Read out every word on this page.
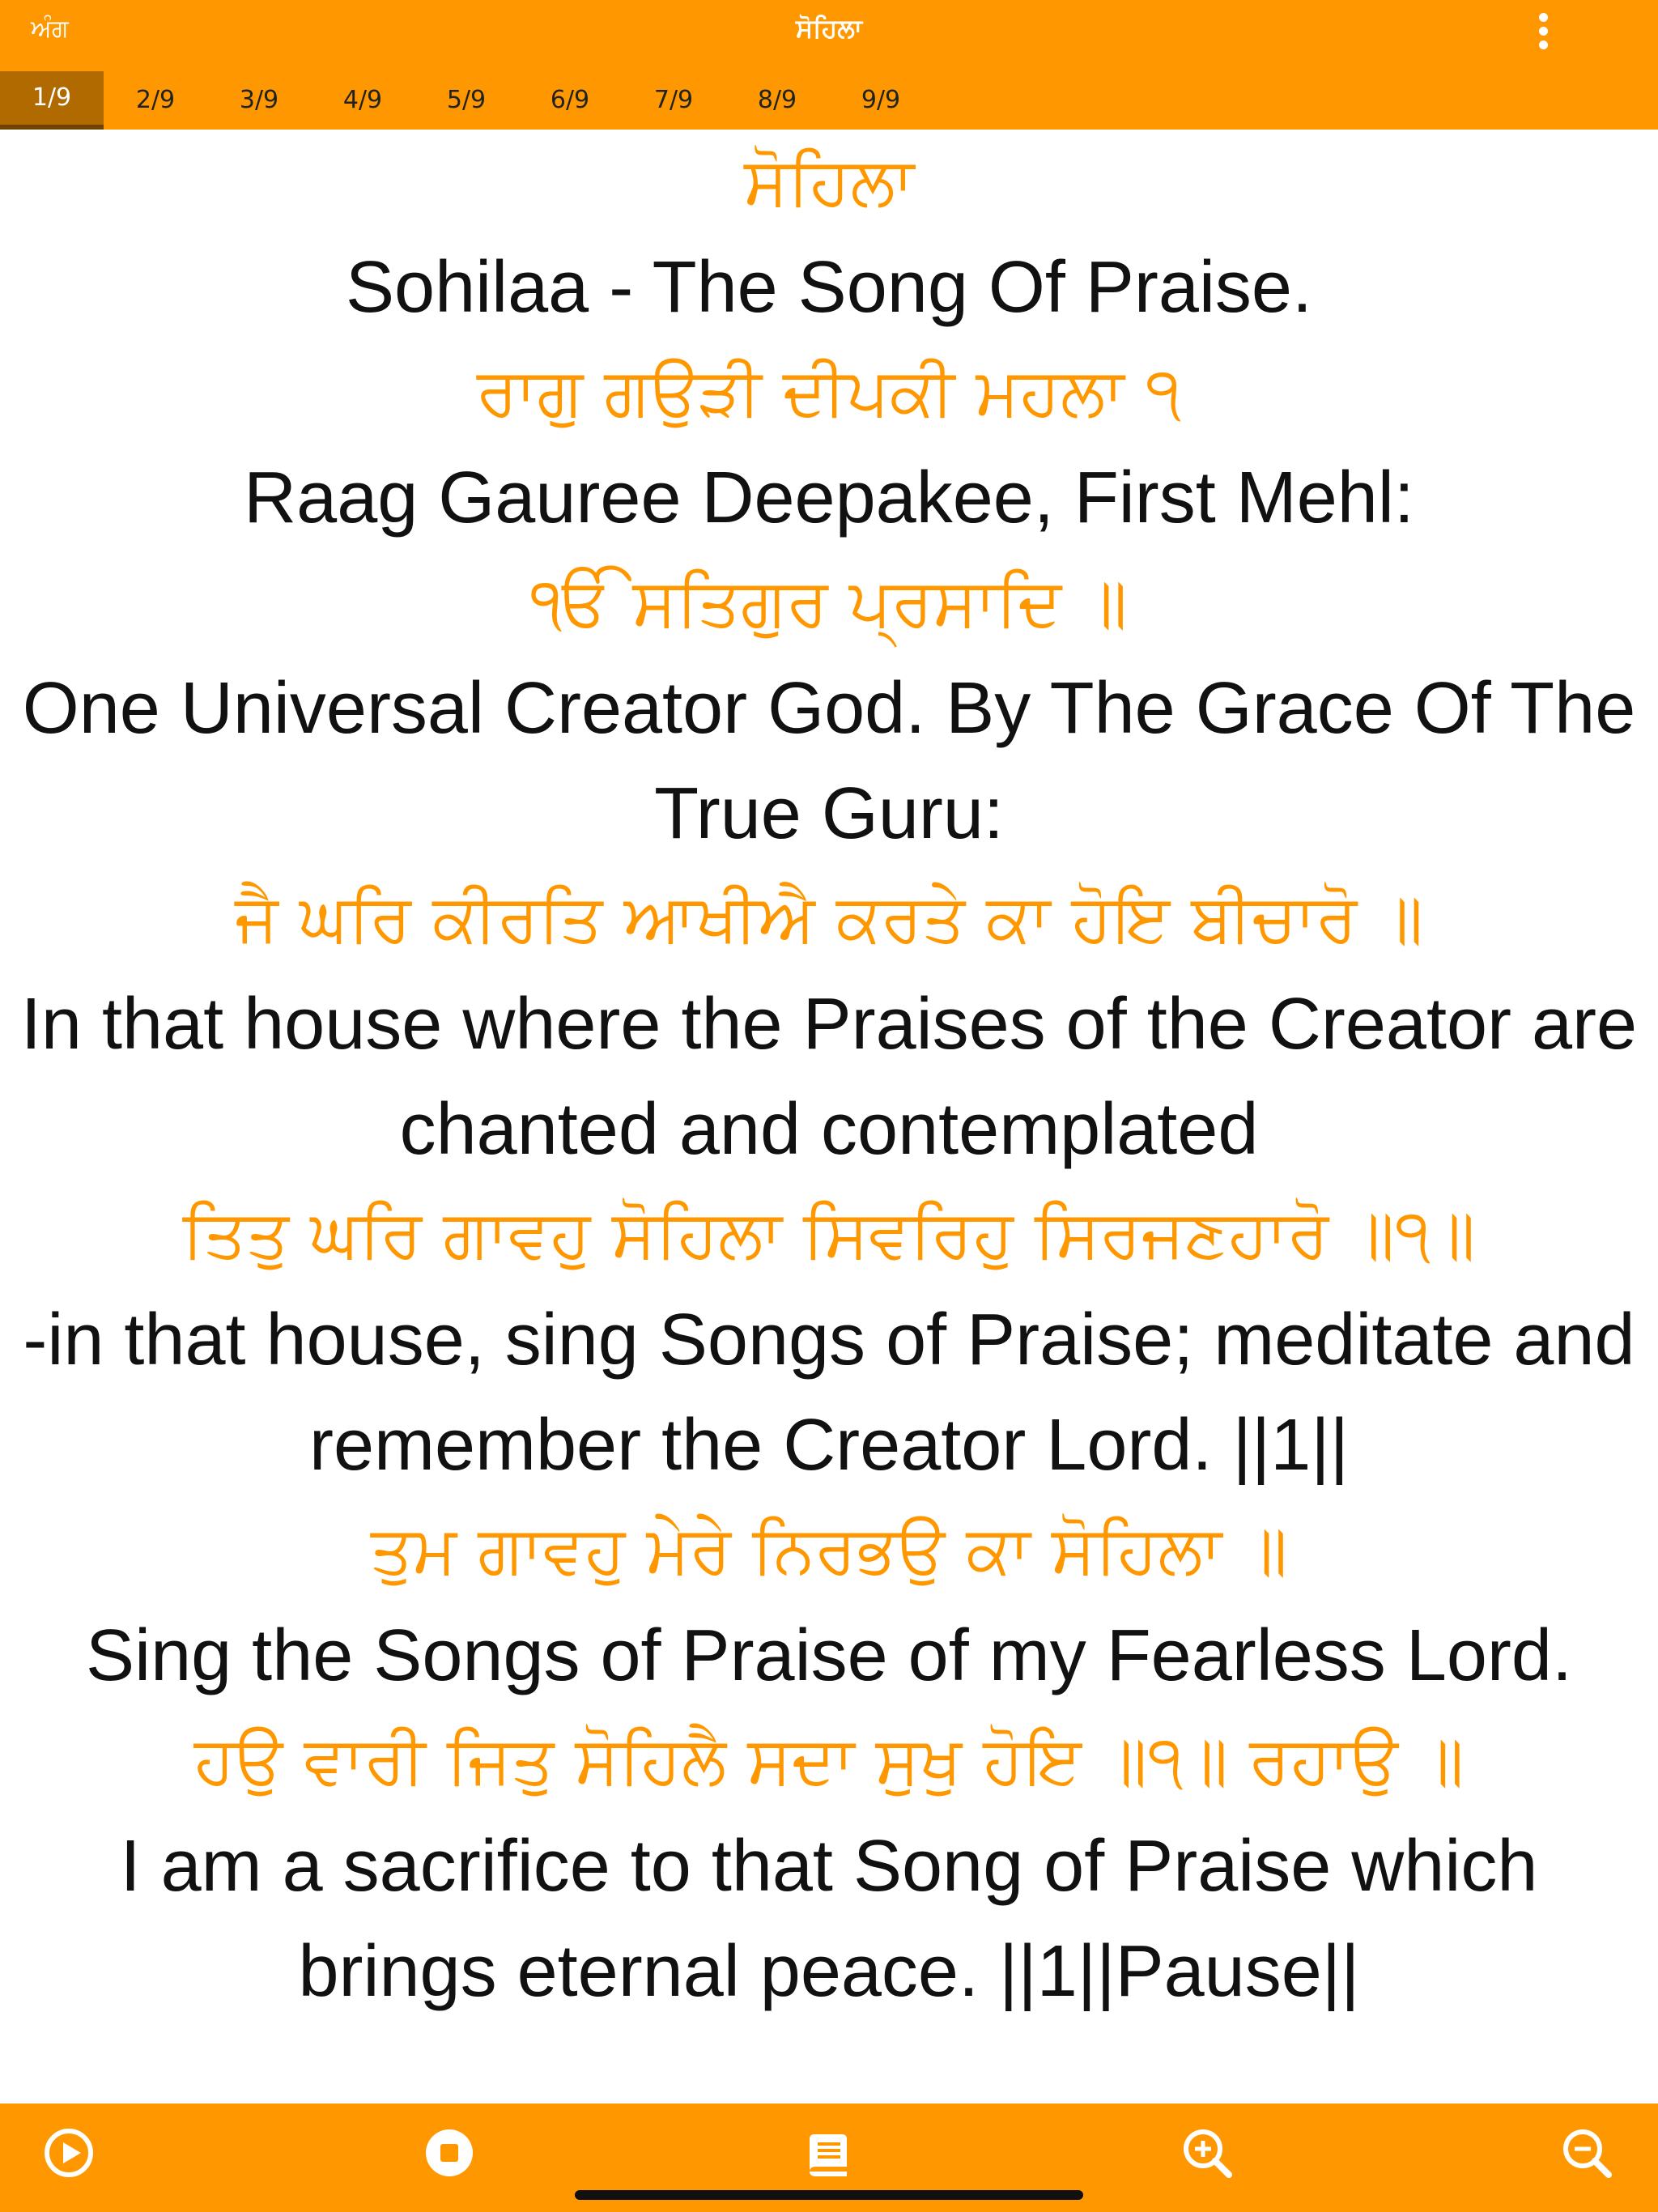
ਅੰਗ	ਸੋਹਿਲਾ
1/9	2/9	3/9	4/9	5/9	6/9	7/9	8/9	9/9
ਸੋਹਿਲਾ
Sohilaa - The Song Of Praise.
ਰਾਗੁ ਗਉੜੀ ਦੀਪਕੀ ਮਹਲਾ ੧
Raag Gauree Deepakee, First Mehl:
ੴ ਸਤਿਗੁਰ ਪ੍ਰਸਾਦਿ ॥
One Universal Creator God. By The Grace Of The True Guru:
ਜੈ ਘਰਿ ਕੀਰਤਿ ਆਖੀਐ ਕਰਤੇ ਕਾ ਹੋਇ ਬੀਚਾਰੋ ॥
In that house where the Praises of the Creator are chanted and contemplated
ਤਿਤੁ ਘਰਿ ਗਾਵਹੁ ਸੋਹਿਲਾ ਸਿਵਰਿਹੁ ਸਿਰਜਣਹਾਰੋ ॥੧॥
-in that house, sing Songs of Praise; meditate and remember the Creator Lord. ||1||
ਤੁਮ ਗਾਵਹੁ ਮੇਰੇ ਨਿਰਭਉ ਕਾ ਸੋਹਿਲਾ ॥
Sing the Songs of Praise of my Fearless Lord.
ਹਉ ਵਾਰੀ ਜਿਤੁ ਸੋਹਿਲੈ ਸਦਾ ਸੁਖੁ ਹੋਇ ॥੧॥ ਰਹਾਉ ॥
I am a sacrifice to that Song of Praise which brings eternal peace. ||1||Pause||
